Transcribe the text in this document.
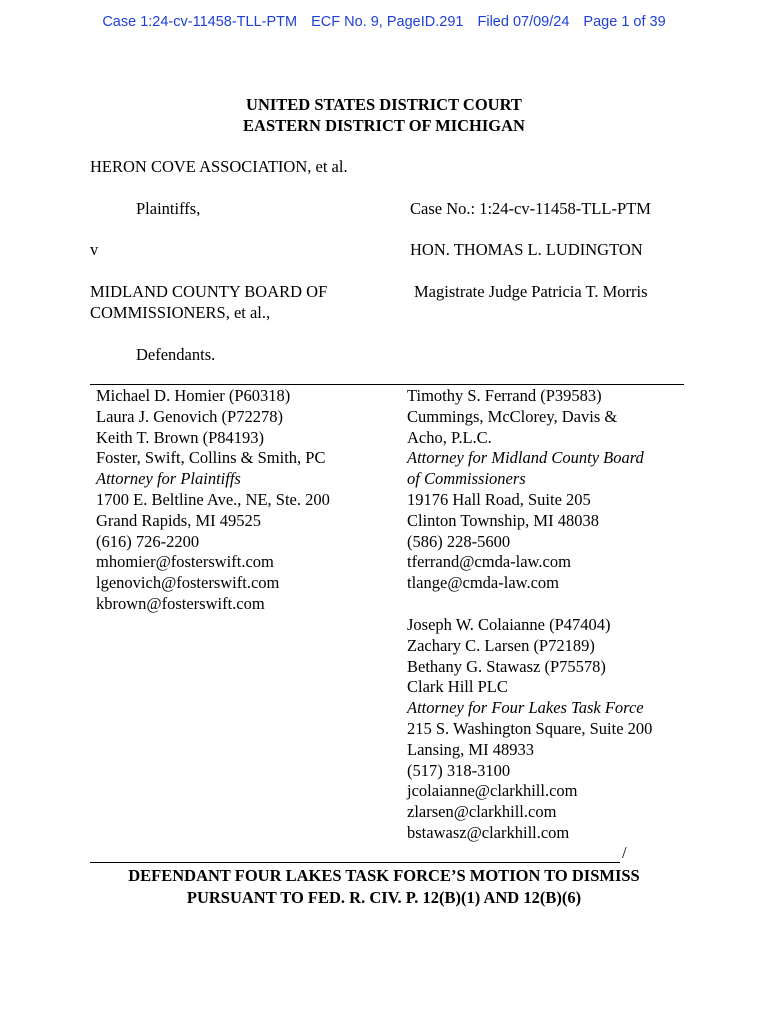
Case 1:24-cv-11458-TLL-PTM ECF No. 9, PageID.291 Filed 07/09/24 Page 1 of 39
UNITED STATES DISTRICT COURT
EASTERN DISTRICT OF MICHIGAN
HERON COVE ASSOCIATION, et al.
Plaintiffs,
v
MIDLAND COUNTY BOARD OF
COMMISSIONERS, et al.,
Defendants.
Case No.: 1:24-cv-11458-TLL-PTM
HON. THOMAS L. LUDINGTON
Magistrate Judge Patricia T. Morris
Michael D. Homier (P60318)
Laura J. Genovich (P72278)
Keith T. Brown (P84193)
Foster, Swift, Collins & Smith, PC
Attorney for Plaintiffs
1700 E. Beltline Ave., NE, Ste. 200
Grand Rapids, MI 49525
(616) 726-2200
mhomier@fosterswift.com
lgenovich@fosterswift.com
kbrown@fosterswift.com
Timothy S. Ferrand (P39583)
Cummings, McClorey, Davis &
Acho, P.L.C.
Attorney for Midland County Board
of Commissioners
19176 Hall Road, Suite 205
Clinton Township, MI 48038
(586) 228-5600
tferrand@cmda-law.com
tlange@cmda-law.com
Joseph W. Colaianne (P47404)
Zachary C. Larsen (P72189)
Bethany G. Stawasz (P75578)
Clark Hill PLC
Attorney for Four Lakes Task Force
215 S. Washington Square, Suite 200
Lansing, MI 48933
(517) 318-3100
jcolaianne@clarkhill.com
zlarsen@clarkhill.com
bstawasz@clarkhill.com
/
DEFENDANT FOUR LAKES TASK FORCE’S MOTION TO DISMISS
PURSUANT TO FED. R. CIV. P. 12(B)(1) AND 12(B)(6)
